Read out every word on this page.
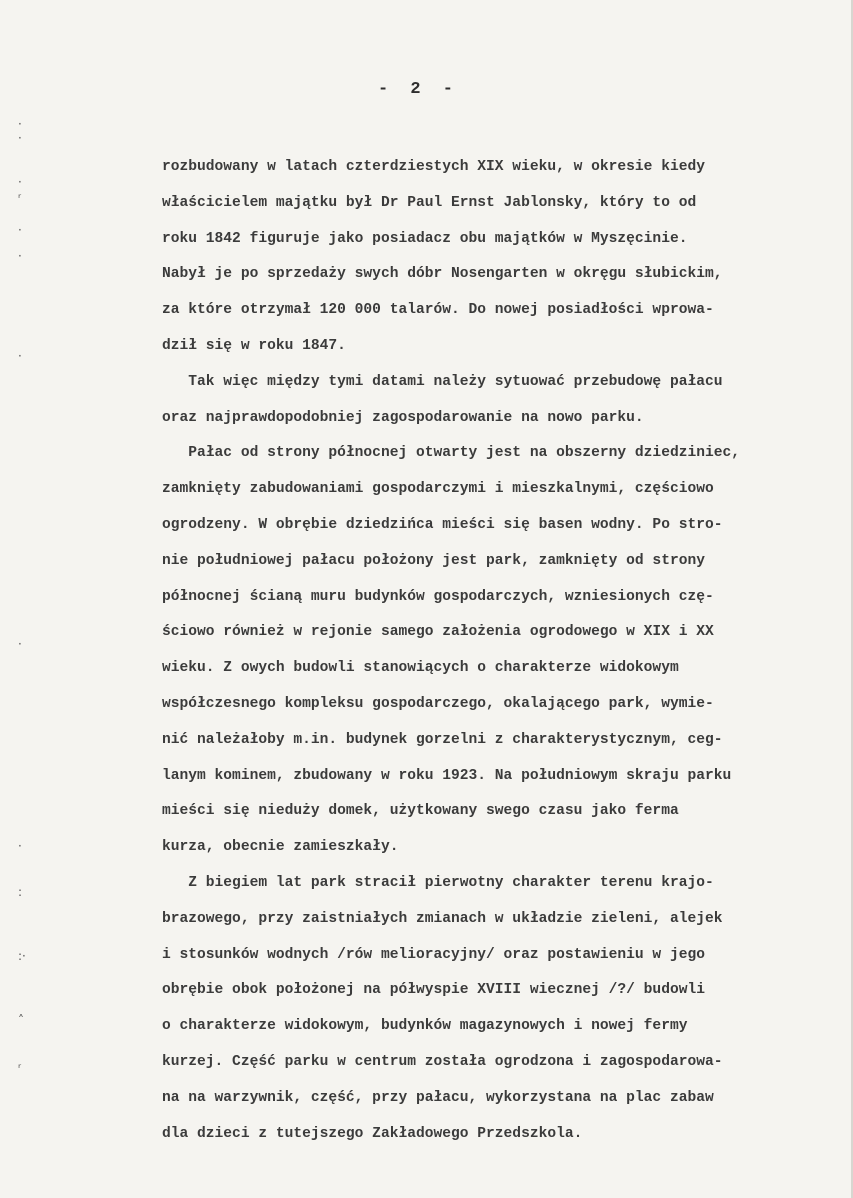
·
·
·
ʳ
·
·
·
·
·
:
:·
˄
ʳ
- 2 -
rozbudowany w latach czterdziestych XIX wieku, w okresie kiedy
właścicielem majątku był Dr Paul Ernst Jablonsky, który to od
roku 1842 figuruje jako posiadacz obu majątków w Myszęcinie.
Nabył je po sprzedaży swych dóbr Nosengarten w okręgu słubickim,
za które otrzymał 120 000 talarów. Do nowej posiadłości wprowa-
dził się w roku 1847.
Tak więc między tymi datami należy sytuować przebudowę pałacu
oraz najprawdopodobniej zagospodarowanie na nowo parku.
Pałac od strony północnej otwarty jest na obszerny dziedziniec,
zamknięty zabudowaniami gospodarczymi i mieszkalnymi, częściowo
ogrodzeny. W obrębie dziedzińca mieści się basen wodny. Po stro-
nie południowej pałacu położony jest park, zamknięty od strony
północnej ścianą muru budynków gospodarczych, wzniesionych czę-
ściowo również w rejonie samego założenia ogrodowego w XIX i XX
wieku. Z owych budowli stanowiących o charakterze widokowym
współczesnego kompleksu gospodarczego, okalającego park, wymie-
nić należałoby m.in. budynek gorzelni z charakterystycznym, ceg-
lanym kominem, zbudowany w roku 1923. Na południowym skraju parku
mieści się nieduży domek, użytkowany swego czasu jako ferma
kurza, obecnie zamieszkały.
Z biegiem lat park stracił pierwotny charakter terenu krajo-
brazowego, przy zaistniałych zmianach w układzie zieleni, alejek
i stosunków wodnych /rów melioracyjny/ oraz postawieniu w jego
obrębie obok położonej na półwyspie XVIII wiecznej /?/ budowli
o charakterze widokowym, budynków magazynowych i nowej fermy
kurzej. Część parku w centrum została ogrodzona i zagospodarowa-
na na warzywnik, część, przy pałacu, wykorzystana na plac zabaw
dla dzieci z tutejszego Zakładowego Przedszkola.
